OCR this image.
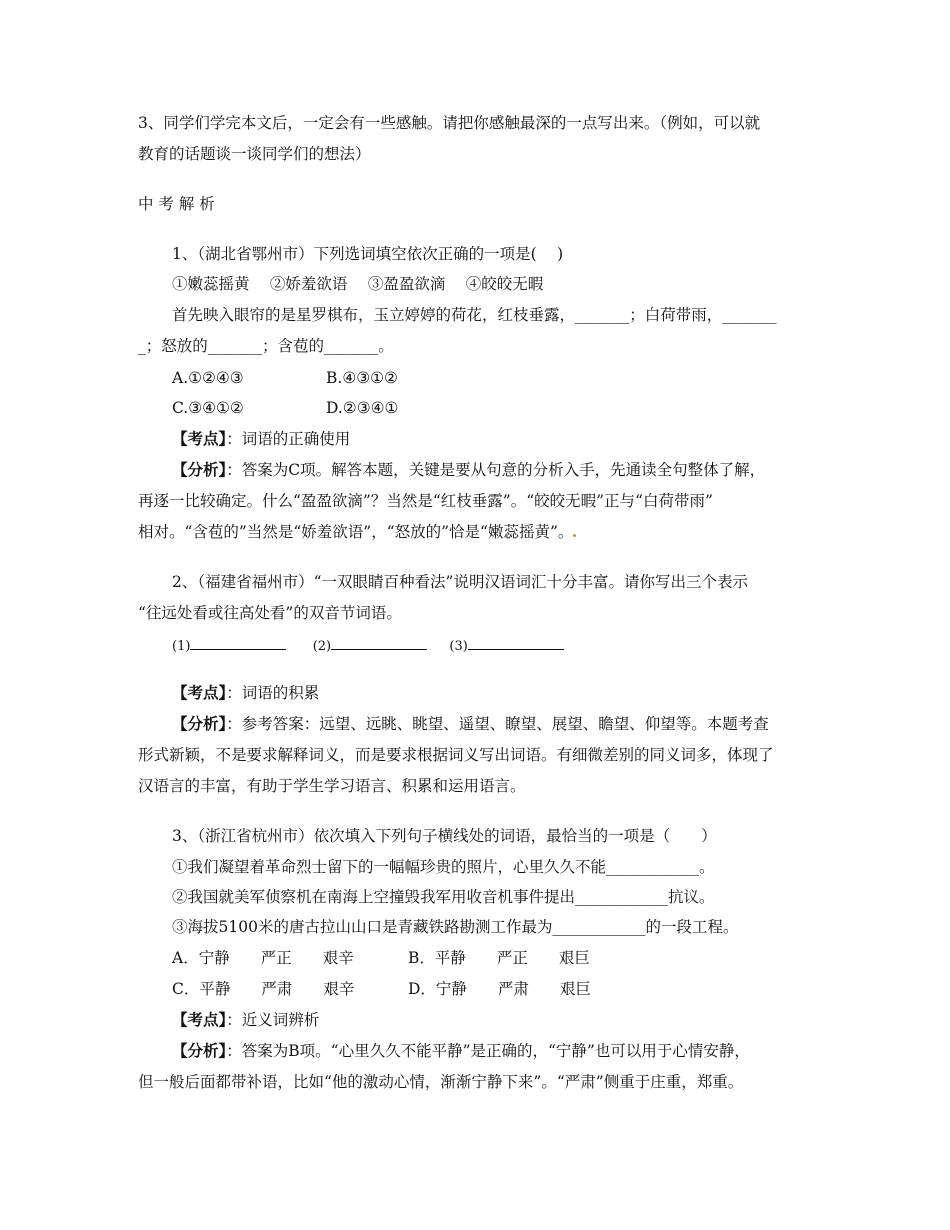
3、同学们学完本文后，一定会有一些感触。请把你感触最深的一点写出来。（例如，可以就
教育的话题谈一谈同学们的想法）
中 考 解 析
1、（湖北省鄂州市）下列选词填空依次正确的一项是(　 )
①嫩蕊摇黄　 ②娇羞欲语　 ③盈盈欲滴　 ④皎皎无暇
首先映入眼帘的是星罗棋布，玉立婷婷的荷花，红枝垂露，_______；白荷带雨，_______
_；怒放的_______；含苞的_______。
A.①②④③	B.④③①②
C.③④①②	D.②③④①
【考点】：词语的正确使用
【分析】：答案为C项。解答本题，关键是要从句意的分析入手，先通读全句整体了解，
再逐一比较确定。什么“盈盈欲滴”？当然是“红枝垂露”。“皎皎无暇”正与“白荷带雨”
相对。“含苞的”当然是“娇羞欲语”，“怒放的”恰是“嫩蕊摇黄”。
2、（福建省福州市）“一双眼睛百种看法”说明汉语词汇十分丰富。请你写出三个表示
“往远处看或往高处看”的双音节词语。
(1)	(2)	(3)
【考点】：词语的积累
【分析】：参考答案：远望、远眺、眺望、遥望、瞭望、展望、瞻望、仰望等。本题考查
形式新颖，不是要求解释词义，而是要求根据词义写出词语。有细微差别的同义词多，体现了
汉语言的丰富，有助于学生学习语言、积累和运用语言。
3、（浙江省杭州市）依次填入下列句子横线处的词语，最恰当的一项是（　　）
①我们凝望着革命烈士留下的一幅幅珍贵的照片，心里久久不能____________。
②我国就美军侦察机在南海上空撞毁我军用收音机事件提出____________抗议。
③海拔5100米的唐古拉山山口是青藏铁路勘测工作最为____________的一段工程。
A．宁静　　严正　　艰辛	B．平静　　严正　　艰巨
C．平静　　严肃　　艰辛	D．宁静　　严肃　　艰巨
【考点】：近义词辨析
【分析】：答案为B项。“心里久久不能平静”是正确的，“宁静”也可以用于心情安静，
但一般后面都带补语，比如“他的激动心情，渐渐宁静下来”。“严肃”侧重于庄重，郑重。
